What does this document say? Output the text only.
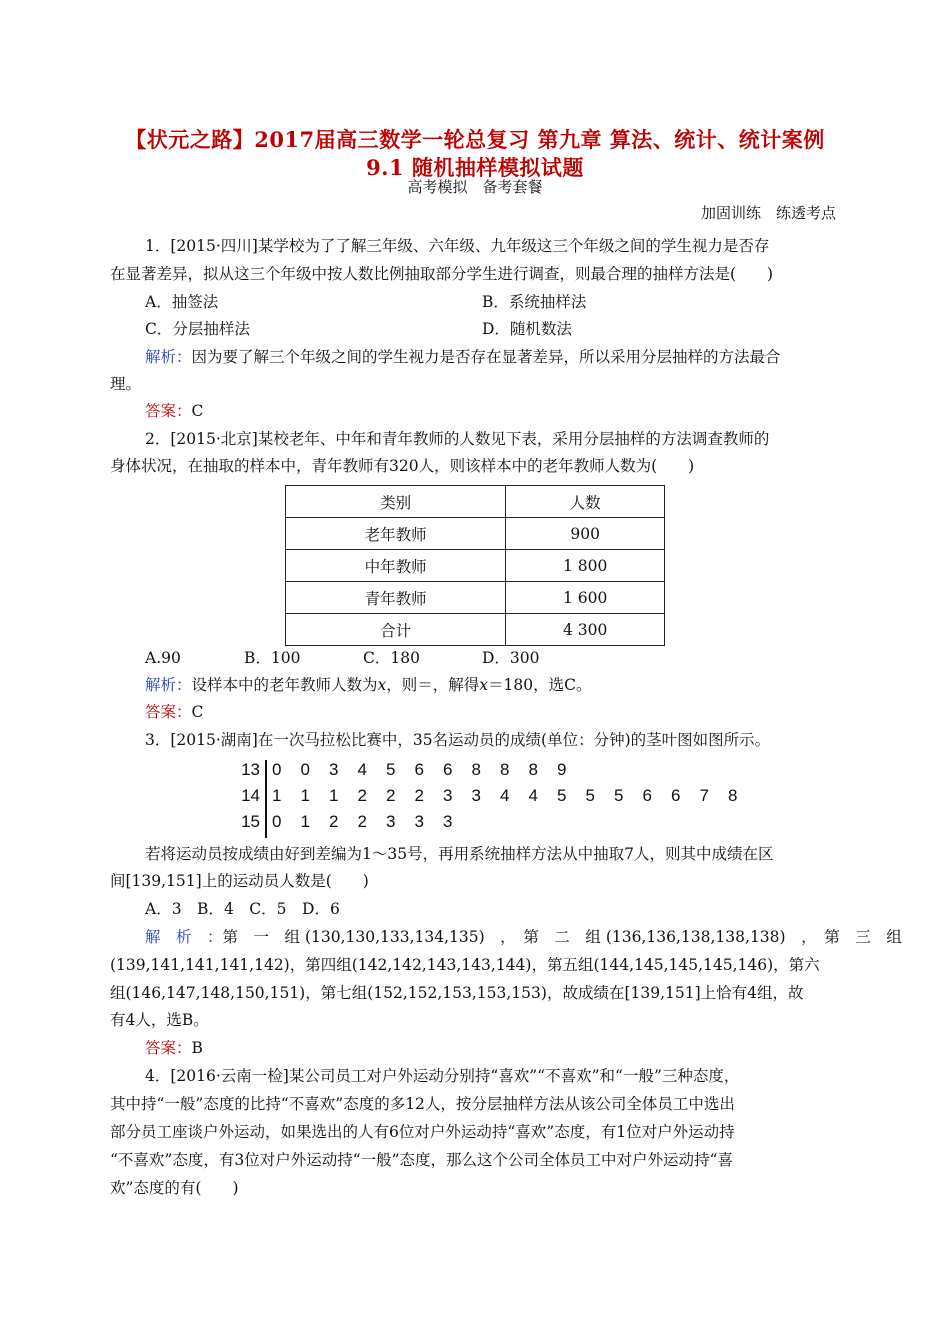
【状元之路】2017届高三数学一轮总复习 第九章 算法、统计、统计案例
9.1 随机抽样模拟试题
高考模拟　备考套餐
加固训练　练透考点
1．[2015·四川]某学校为了了解三年级、六年级、九年级这三个年级之间的学生视力是否存
在显著差异，拟从这三个年级中按人数比例抽取部分学生进行调查，则最合理的抽样方法是(　　)
A．抽签法	B．系统抽样法
C．分层抽样法	D．随机数法
解析：因为要了解三个年级之间的学生视力是否存在显著差异，所以采用分层抽样的方法最合
理。
答案：C
2．[2015·北京]某校老年、中年和青年教师的人数见下表，采用分层抽样的方法调查教师的
身体状况，在抽取的样本中，青年教师有320人，则该样本中的老年教师人数为(　　)
类别	人数
老年教师	900
中年教师	1 800
青年教师	1 600
合计	4 300
A.90	B．100	C．180	D．300
解析：设样本中的老年教师人数为x，则＝，解得x＝180，选C。
答案：C
3．[2015·湖南]在一次马拉松比赛中，35名运动员的成绩(单位：分钟)的茎叶图如图所示。
13 0 0 3 4 5 6 6 8 8 8 9
14 1 1 1 2 2 2 3 3 4 4 5 5 5 6 6 7 8
15 0 1 2 2 3 3 3
若将运动员按成绩由好到差编为1～35号，再用系统抽样方法从中抽取7人，则其中成绩在区
间[139,151]上的运动员人数是(　　)
A．3　B．4　C．5　D．6
解　析　：第　一　组 (130,130,133,134,135)　，　第　二　组 (136,136,138,138,138)　，　第　三　组
(139,141,141,141,142)，第四组(142,142,143,143,144)，第五组(144,145,145,145,146)，第六
组(146,147,148,150,151)，第七组(152,152,153,153,153)，故成绩在[139,151]上恰有4组，故
有4人，选B。
答案：B
4．[2016·云南一检]某公司员工对户外运动分别持“喜欢”“不喜欢”和“一般”三种态度，
其中持“一般”态度的比持“不喜欢”态度的多12人，按分层抽样方法从该公司全体员工中选出
部分员工座谈户外运动，如果选出的人有6位对户外运动持“喜欢”态度，有1位对户外运动持
“不喜欢”态度，有3位对户外运动持“一般”态度，那么这个公司全体员工中对户外运动持“喜
欢”态度的有(　　)
